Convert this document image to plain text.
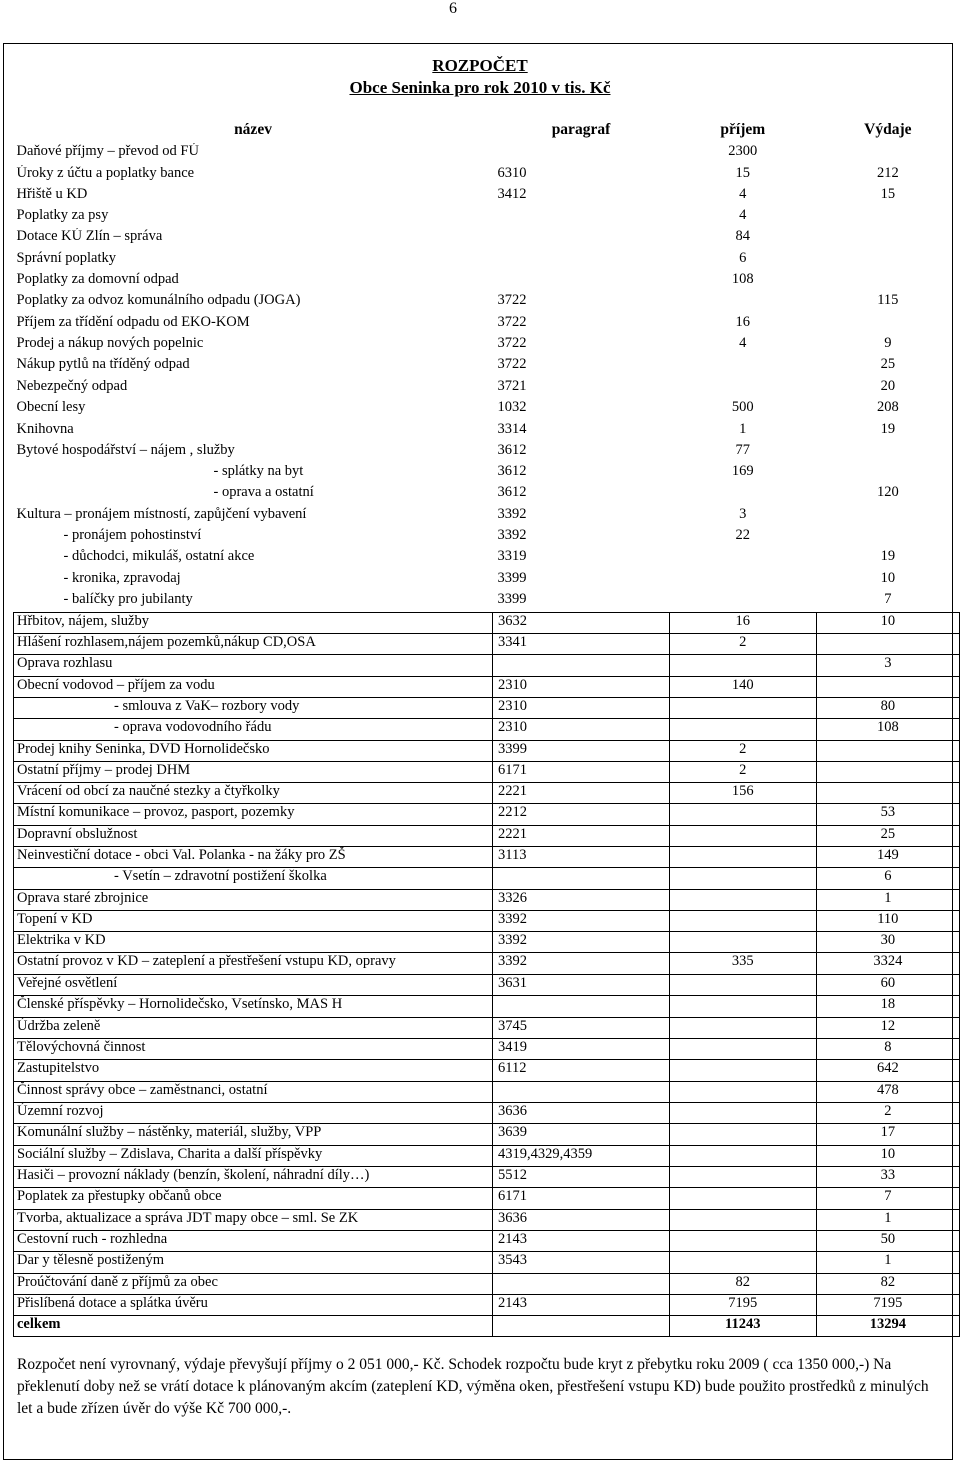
6
ROZPOČET
Obce Seninka pro rok 2010 v tis. Kč
název	paragraf	příjem	Výdaje
Daňové příjmy – převod od FÚ		2300	
Úroky z účtu a poplatky bance	6310	15	212
Hřiště u KD	3412	4	15
Poplatky za psy		4	
Dotace KÚ Zlín – správa		84	
Správní poplatky		6	
Poplatky za domovní odpad		108	
Poplatky za odvoz komunálního odpadu (JOGA)	3722		115
Příjem za třídění odpadu od EKO-KOM	3722	16	
Prodej a nákup nových popelnic	3722	4	9
Nákup pytlů na tříděný odpad	3722		25
Nebezpečný odpad	3721		20
Obecní lesy	1032	500	208
Knihovna	3314	1	19
Bytové hospodářství – nájem , služby	3612	77	
- splátky na byt	3612	169	
- oprava a ostatní	3612		120
Kultura – pronájem místností, zapůjčení vybavení	3392	3	
- pronájem pohostinství	3392	22	
- důchodci, mikuláš, ostatní akce	3319		19
- kronika, zpravodaj	3399		10
- balíčky pro jubilanty	3399		7
Hřbitov, nájem, služby	3632	16	10
Hlášení rozhlasem,nájem pozemků,nákup CD,OSA	3341	2	
Oprava rozhlasu			3
Obecní vodovod – příjem za vodu	2310	140	
- smlouva z VaK– rozbory vody	2310		80
- oprava vodovodního řádu	2310		108
Prodej knihy Seninka, DVD Hornolidečsko	3399	2	
Ostatní příjmy – prodej DHM	6171	2	
Vrácení od obcí za naučné stezky a čtyřkolky	2221	156	
Místní komunikace – provoz, pasport, pozemky	2212		53
Dopravní obslužnost	2221		25
Neinvestiční dotace - obci Val. Polanka - na žáky pro ZŠ	3113		149
- Vsetín – zdravotní postižení školka			6
Oprava staré zbrojnice	3326		1
Topení v KD	3392		110
Elektrika v KD	3392		30
Ostatní provoz v KD – zateplení a přestřešení vstupu KD, opravy	3392	335	3324
Veřejné osvětlení	3631		60
Členské příspěvky – Hornolidečsko, Vsetínsko, MAS H			18
Údržba zeleně	3745		12
Tělovýchovná činnost	3419		8
Zastupitelstvo	6112		642
Činnost správy obce – zaměstnanci, ostatní			478
Územní rozvoj	3636		2
Komunální služby – nástěnky, materiál, služby, VPP	3639		17
Sociální služby – Zdislava, Charita a další příspěvky	4319,4329,4359		10
Hasiči – provozní náklady (benzín, školení, náhradní díly…)	5512		33
Poplatek za přestupky občanů obce	6171		7
Tvorba, aktualizace a správa JDT mapy obce – sml. Se ZK	3636		1
Cestovní ruch - rozhledna	2143		50
Dar y tělesně postiženým	3543		1
Proúčtování daně z příjmů za obec		82	82
Přislíbená dotace a splátka úvěru	2143	7195	7195
celkem		11243	13294
Rozpočet není vyrovnaný, výdaje převyšují příjmy o 2 051 000,- Kč. Schodek rozpočtu bude kryt z přebytku roku 2009 ( cca 1350 000,-) Na překlenutí doby než se vrátí dotace k plánovaným akcím (zateplení KD, výměna oken, přestřešení vstupu KD) bude použito prostředků z minulých let a bude zřízen úvěr do výše Kč 700 000,-.
